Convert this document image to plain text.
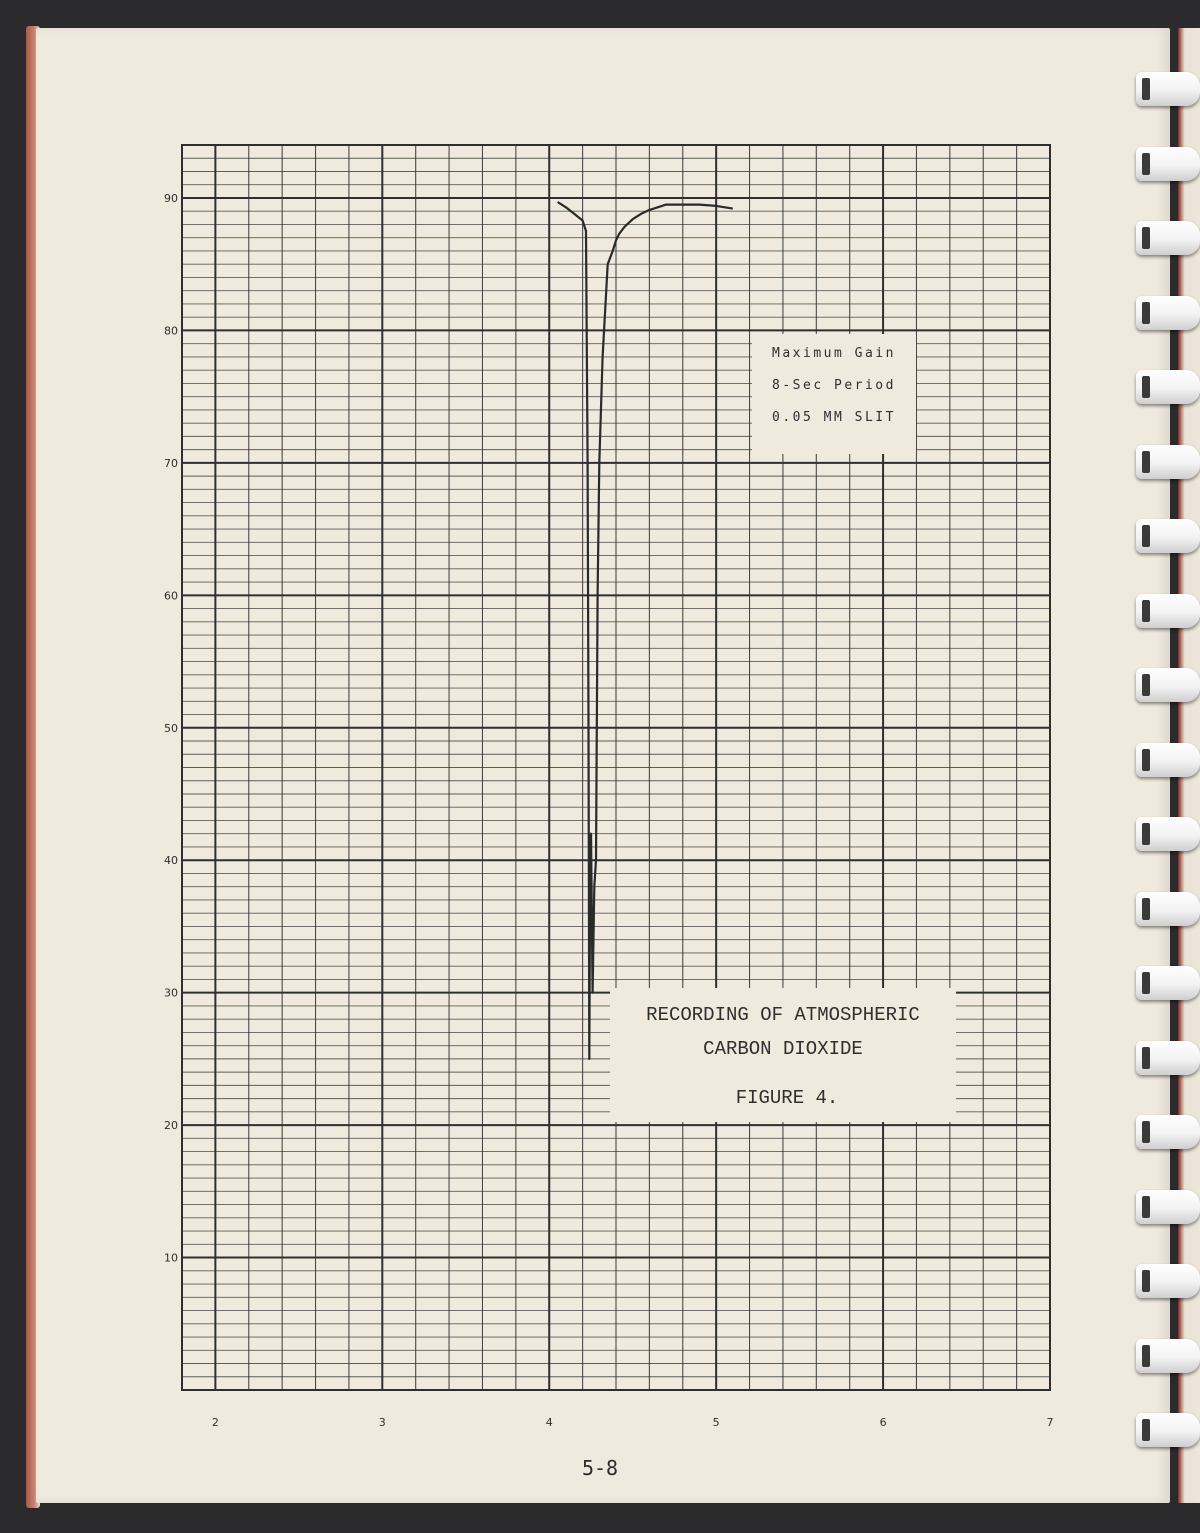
10
20
30
40
50
60
70
80
90
2	3	4	5	6	7
Maximum Gain
8-Sec Period
0.05 MM SLIT
RECORDING OF ATMOSPHERIC
CARBON DIOXIDE
FIGURE 4.
5-8
